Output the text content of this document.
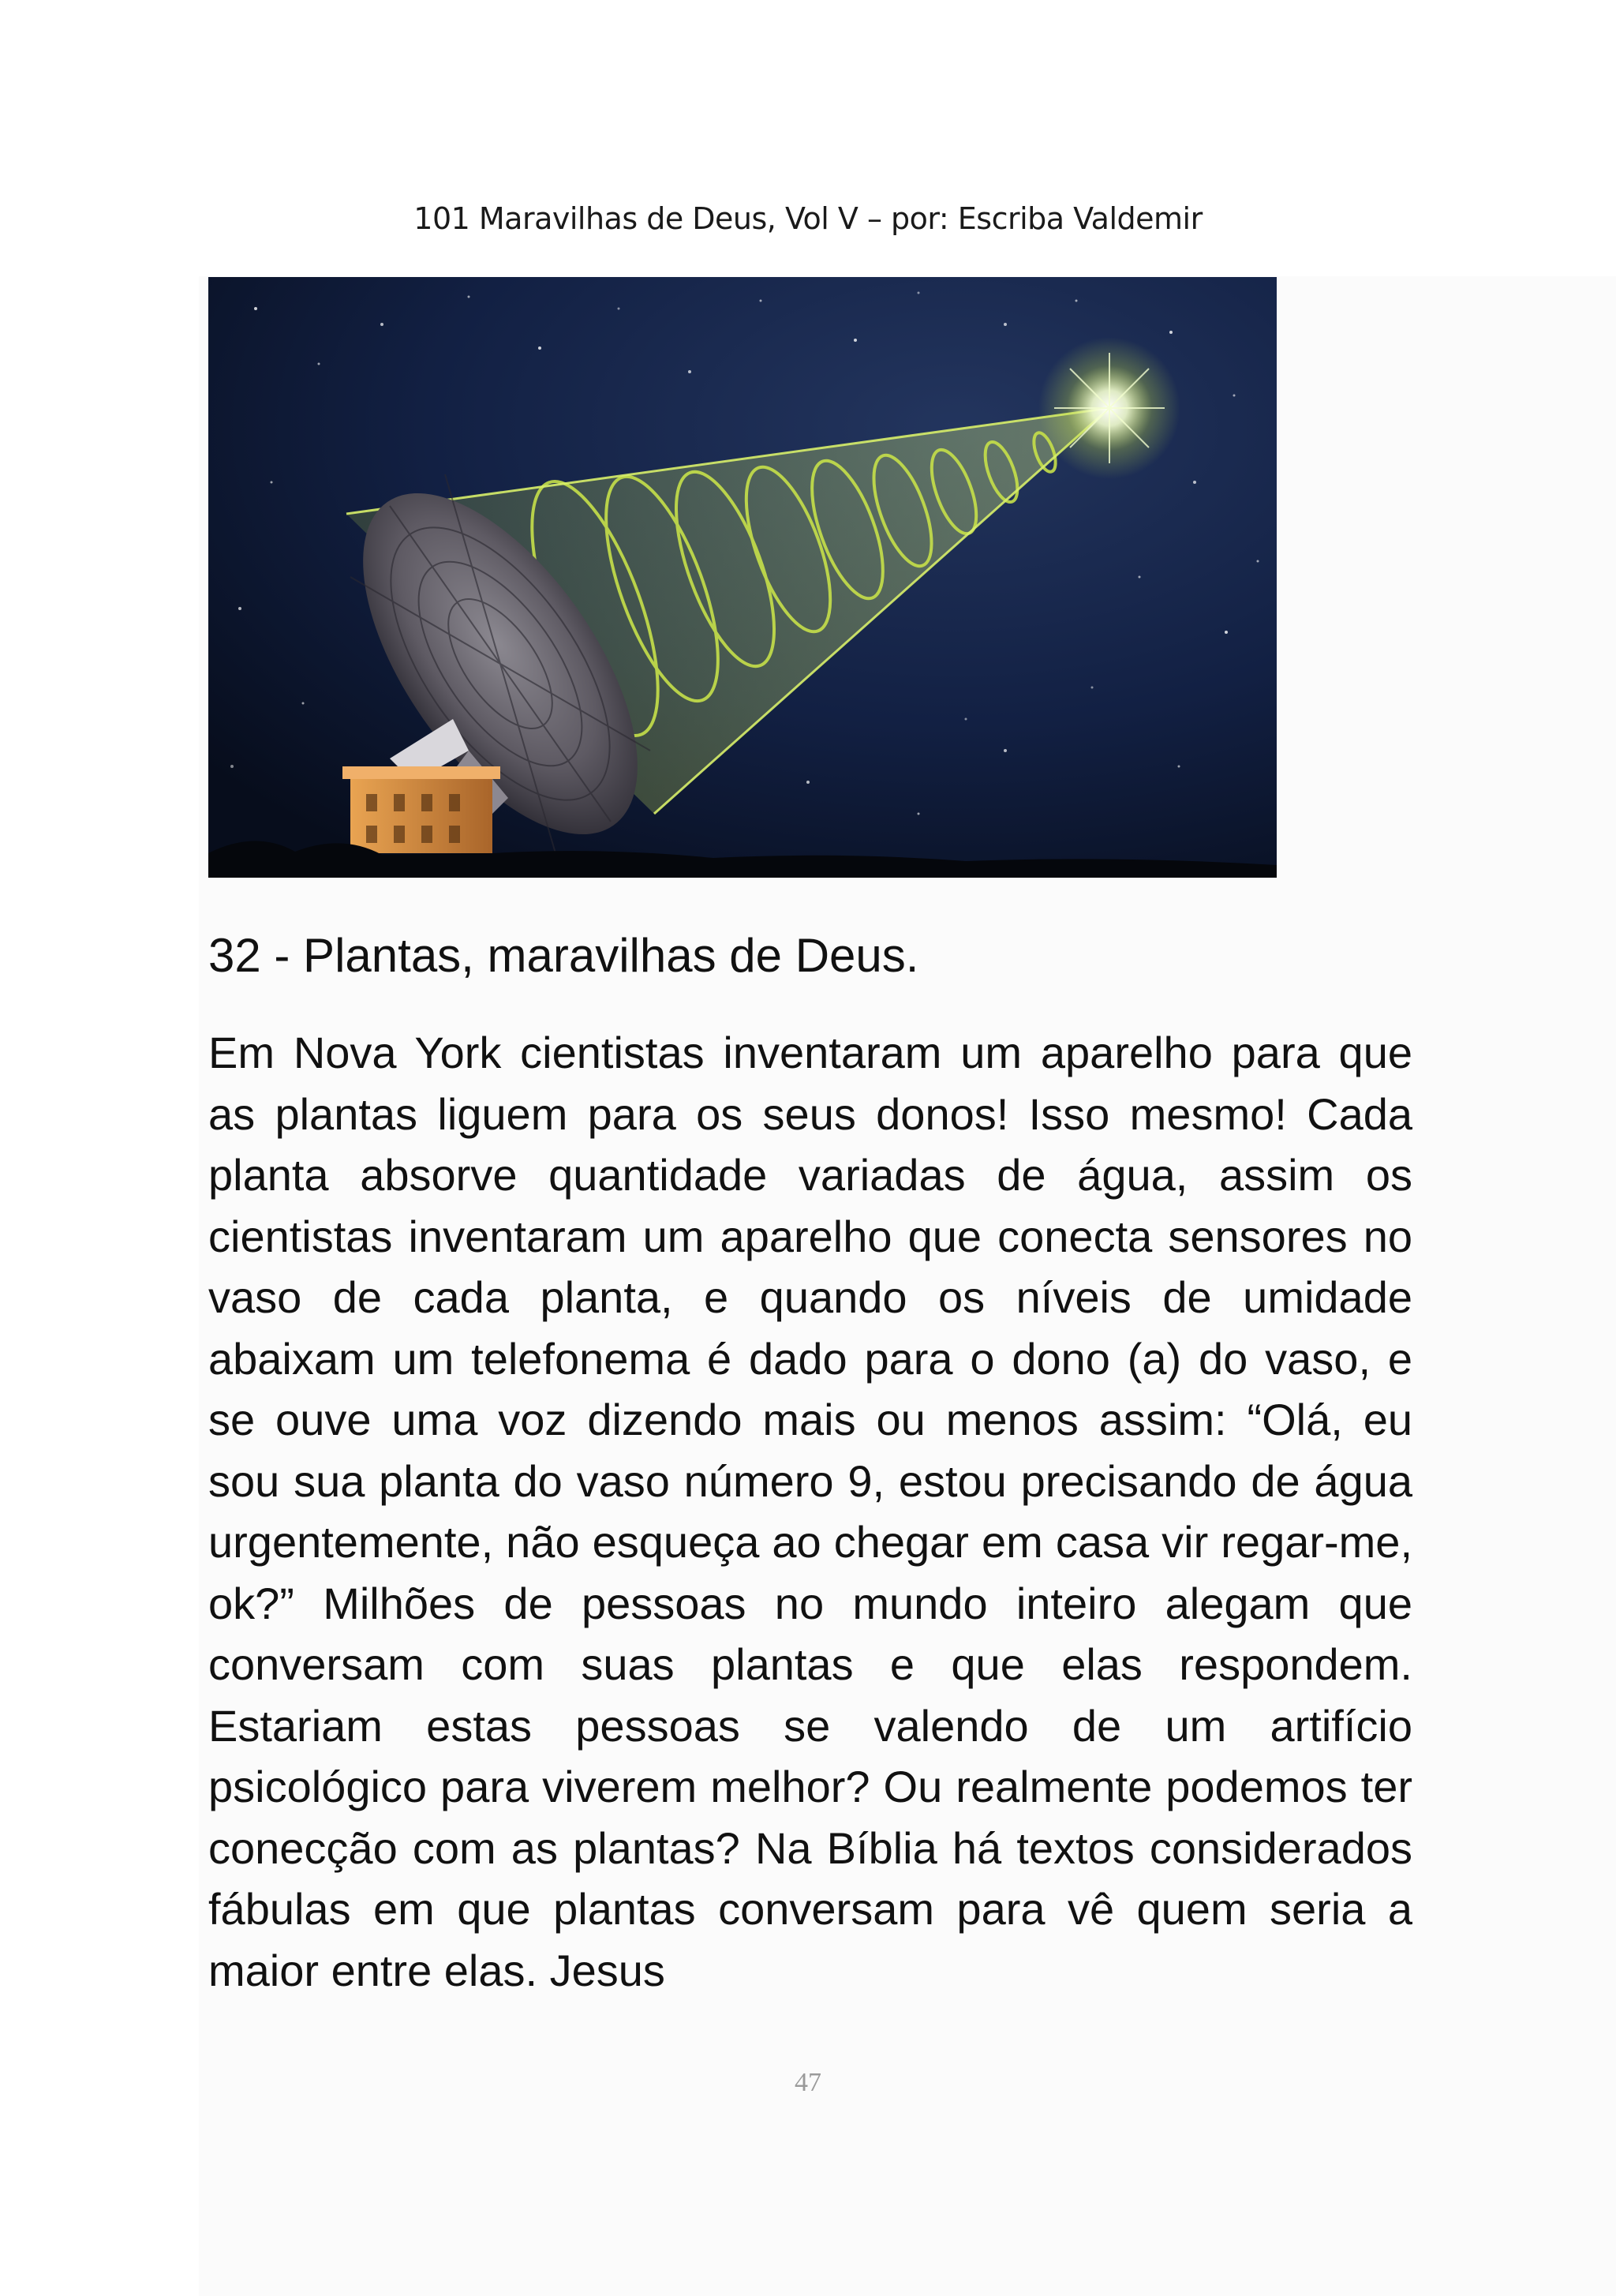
101 Maravilhas de Deus, Vol V – por: Escriba Valdemir
32 - Plantas, maravilhas de Deus.

Em Nova York cientistas inventaram um aparelho para que as plantas liguem para os seus donos! Isso mesmo! Cada planta absorve quantidade variadas de água, assim os cientistas inventaram um aparelho que conecta sensores no vaso de cada planta, e quando os níveis de umidade abaixam um telefonema é dado para o dono (a) do vaso, e se ouve uma voz dizendo mais ou menos assim: “Olá, eu sou sua planta do vaso número 9, estou precisando de água urgentemente, não esqueça ao chegar em casa vir regar-me, ok?” Milhões de pessoas no mundo inteiro alegam que conversam com suas plantas e que elas respondem. Estariam estas pessoas se valendo de um artifício psicológico para viverem melhor? Ou realmente podemos ter conecção com as plantas? Na Bíblia há textos considerados fábulas em que plantas conversam para vê quem seria a maior entre elas. Jesus

47
